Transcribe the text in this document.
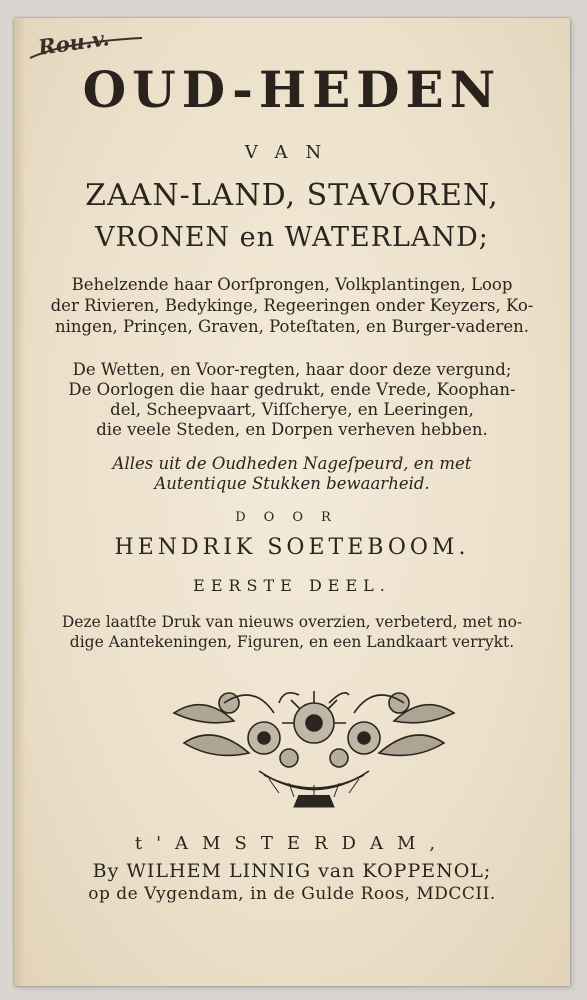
Rou.v.
OUD-HEDEN
VAN
ZAAN-LAND, STAVOREN,
VRONEN en WATERLAND;
Behelzende haar Oorſprongen, Volkplantingen, Loop
der Rivieren, Bedykinge, Regeeringen onder Keyzers, Ko-
ningen, Prinçen, Graven, Poteſtaten, en Burger-vaderen.
De Wetten, en Voor-regten, haar door deze vergund;
De Oorlogen die haar gedrukt, ende Vrede, Koophan-
del, Scheepvaart, Viſſcherye, en Leeringen,
die veele Steden, en Dorpen verheven hebben.
Alles uit de Oudheden Nageſpeurd, en met
Autentique Stukken bewaarheid.
DOOR
HENDRIK SOETEBOOM.
EERSTE DEEL.
Deze laatſte Druk van nieuws overzien, verbeterd, met no-
dige Aantekeningen, Figuren, en een Landkaart verrykt.
t'AMSTERDAM,
By WILHEM LINNIG van KOPPENOL;
op de Vygendam, in de Gulde Roos, MDCCII.
